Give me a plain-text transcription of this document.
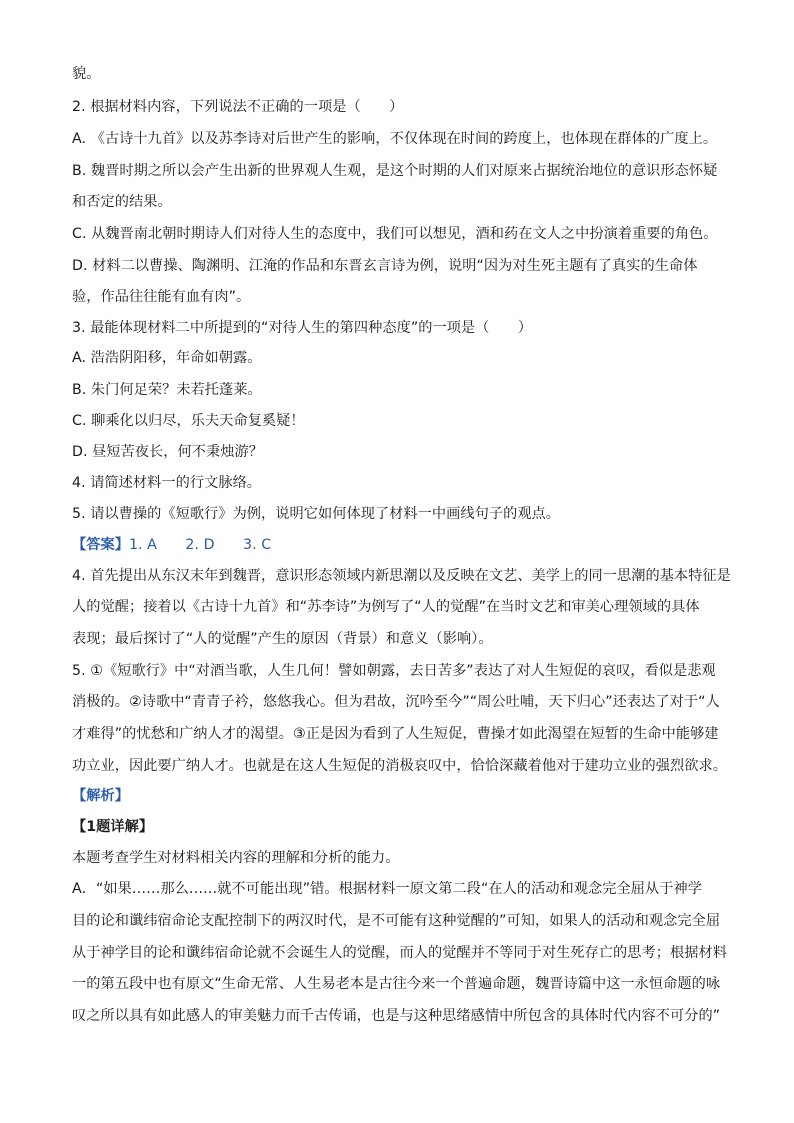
貌。

2. 根据材料内容，下列说法不正确的一项是（　　）

A. 《古诗十九首》以及苏李诗对后世产生的影响，不仅体现在时间的跨度上，也体现在群体的广度上。

B. 魏晋时期之所以会产生出新的世界观人生观，是这个时期的人们对原来占据统治地位的意识形态怀疑

和否定的结果。

C. 从魏晋南北朝时期诗人们对待人生的态度中，我们可以想见，酒和药在文人之中扮演着重要的角色。

D. 材料二以曹操、陶渊明、江淹的作品和东晋玄言诗为例，说明“因为对生死主题有了真实的生命体

验，作品往往能有血有肉”。

3. 最能体现材料二中所提到的“对待人生的第四种态度”的一项是（　　）

A. 浩浩阴阳移，年命如朝露。

B. 朱门何足荣？未若托蓬莱。

C. 聊乘化以归尽，乐夫天命复奚疑！

D. 昼短苦夜长，何不秉烛游？

4. 请简述材料一的行文脉络。

5. 请以曹操的《短歌行》为例，说明它如何体现了材料一中画线句子的观点。

【答案】1. A　　2. D　　3. C

4. 首先提出从东汉末年到魏晋，意识形态领域内新思潮以及反映在文艺、美学上的同一思潮的基本特征是

人的觉醒；接着以《古诗十九首》和“苏李诗”为例写了“人的觉醒”在当时文艺和审美心理领域的具体

表现；最后探讨了“人的觉醒”产生的原因（背景）和意义（影响）。

5. ①《短歌行》中“对酒当歌，人生几何！譬如朝露，去日苦多”表达了对人生短促的哀叹，看似是悲观

消极的。②诗歌中“青青子衿，悠悠我心。但为君故，沉吟至今”“周公吐哺，天下归心”还表达了对于“人

才难得”的忧愁和广纳人才的渴望。③正是因为看到了人生短促，曹操才如此渴望在短暂的生命中能够建

功立业，因此要广纳人才。也就是在这人生短促的消极哀叹中，恰恰深藏着他对于建功立业的强烈欲求。

【解析】

【1题详解】

本题考查学生对材料相关内容的理解和分析的能力。

A．“如果……那么……就不可能出现”错。根据材料一原文第二段“在人的活动和观念完全屈从于神学

目的论和谶纬宿命论支配控制下的两汉时代，是不可能有这种觉醒的”可知，如果人的活动和观念完全屈

从于神学目的论和谶纬宿命论就不会诞生人的觉醒，而人的觉醒并不等同于对生死存亡的思考；根据材料

一的第五段中也有原文“生命无常、人生易老本是古往今来一个普遍命题，魏晋诗篇中这一永恒命题的咏

叹之所以具有如此感人的审美魅力而千古传诵，也是与这种思绪感情中所包含的具体时代内容不可分的”
